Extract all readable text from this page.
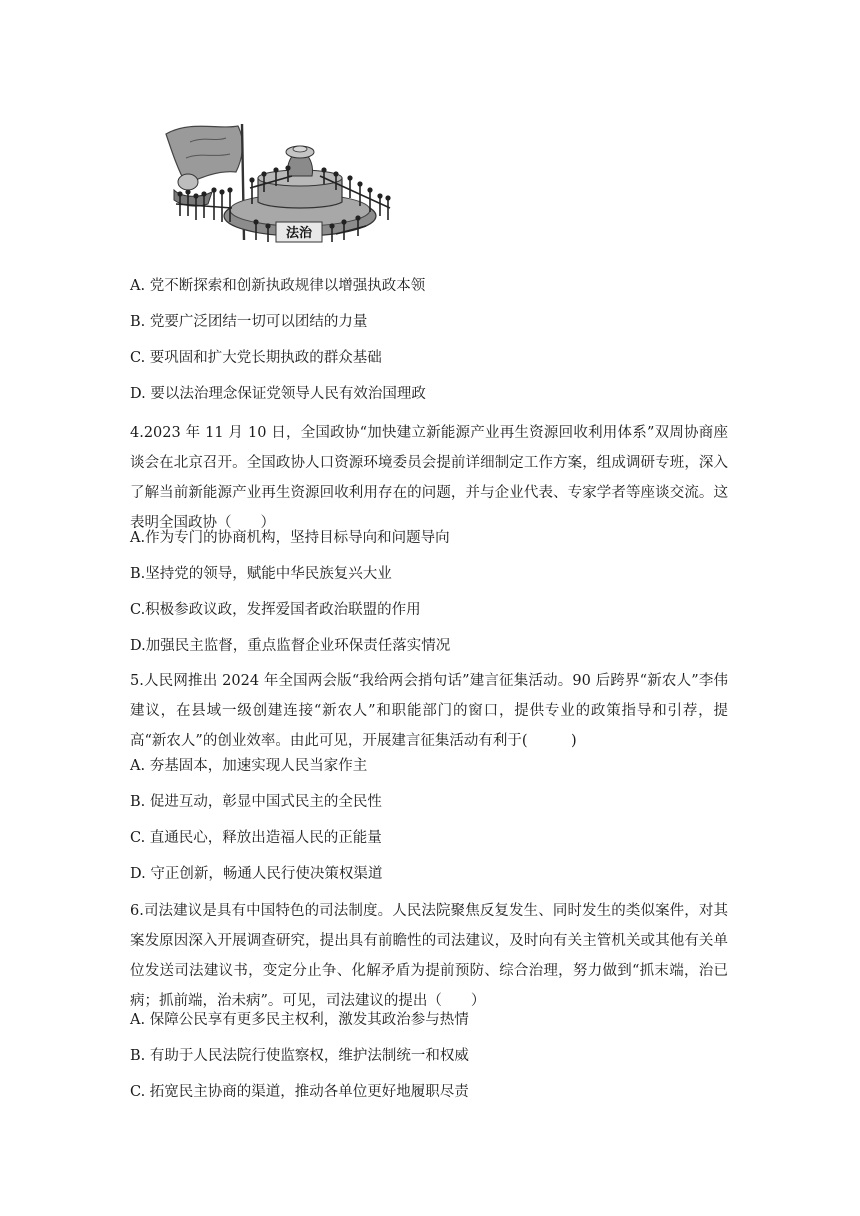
法治
A. 党不断探索和创新执政规律以增强执政本领
B. 党要广泛团结一切可以团结的力量
C. 要巩固和扩大党长期执政的群众基础
D. 要以法治理念保证党领导人民有效治国理政
4.2023 年 11 月 10 日，全国政协“加快建立新能源产业再生资源回收利用体系”双周协商座谈会在北京召开。全国政协人口资源环境委员会提前详细制定工作方案，组成调研专班，深入了解当前新能源产业再生资源回收利用存在的问题，并与企业代表、专家学者等座谈交流。这表明全国政协（　　）
A.作为专门的协商机构，坚持目标导向和问题导向
B.坚持党的领导，赋能中华民族复兴大业
C.积极参政议政，发挥爱国者政治联盟的作用
D.加强民主监督，重点监督企业环保责任落实情况
5.人民网推出 2024 年全国两会版“我给两会捎句话”建言征集活动。90 后跨界“新农人”李伟建议，在县域一级创建连接“新农人”和职能部门的窗口，提供专业的政策指导和引荐，提高“新农人”的创业效率。由此可见，开展建言征集活动有利于(　　　)
A. 夯基固本，加速实现人民当家作主
B. 促进互动，彰显中国式民主的全民性
C. 直通民心，释放出造福人民的正能量
D. 守正创新，畅通人民行使决策权渠道
6.司法建议是具有中国特色的司法制度。人民法院聚焦反复发生、同时发生的类似案件，对其案发原因深入开展调查研究，提出具有前瞻性的司法建议，及时向有关主管机关或其他有关单位发送司法建议书，变定分止争、化解矛盾为提前预防、综合治理，努力做到“抓末端，治已病；抓前端，治未病”。可见，司法建议的提出（　　）
A. 保障公民享有更多民主权利，激发其政治参与热情
B. 有助于人民法院行使监察权，维护法制统一和权威
C. 拓宽民主协商的渠道，推动各单位更好地履职尽责
